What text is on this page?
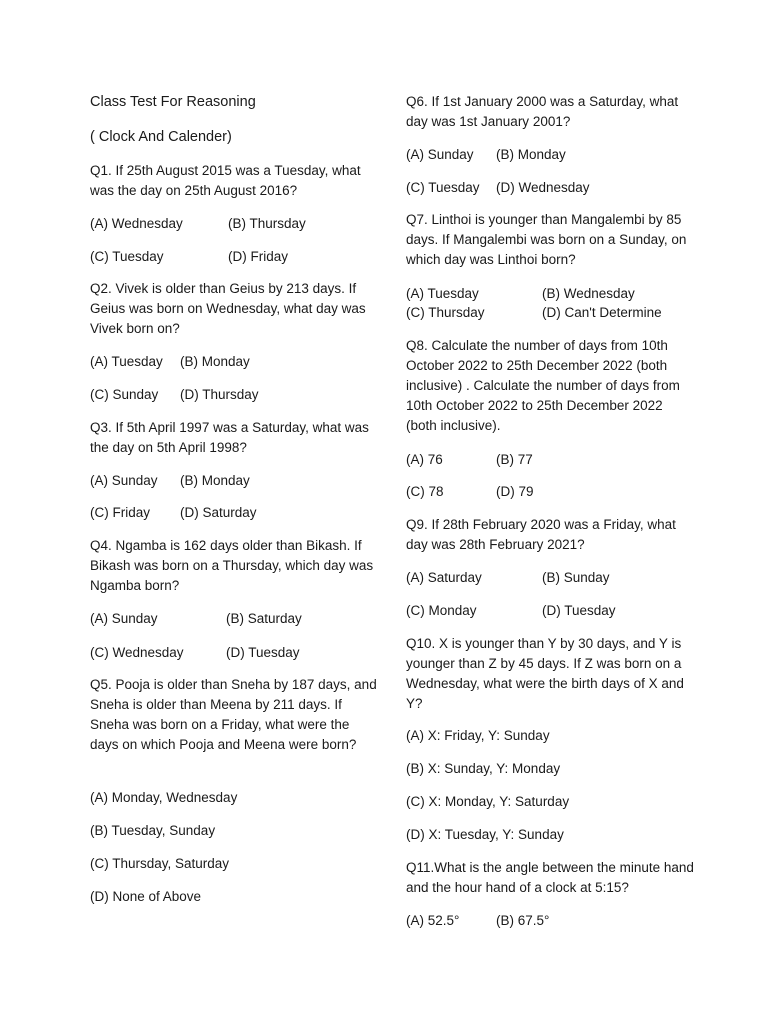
Class Test For Reasoning
( Clock And Calender)
Q1. If 25th August 2015 was a Tuesday, what was the day on 25th August 2016?
(A) Wednesday	(B) Thursday
(C) Tuesday	(D) Friday
Q2. Vivek is older than Geius by 213 days. If Geius was born on Wednesday, what day was Vivek born on?
(A) Tuesday (B) Monday
(C) Sunday (D) Thursday
Q3. If 5th April 1997 was a Saturday, what was the day on 5th April 1998?
(A) Sunday (B) Monday
(C) Friday (D) Saturday
Q4. Ngamba is 162 days older than Bikash. If Bikash was born on a Thursday, which day was Ngamba born?
(A) Sunday	(B) Saturday
(C) Wednesday	(D) Tuesday
Q5. Pooja is older than Sneha by 187 days, and Sneha is older than Meena by 211 days. If Sneha was born on a Friday, what were the days on which Pooja and Meena were born?
(A) Monday, Wednesday
(B) Tuesday, Sunday
(C) Thursday, Saturday
(D) None of Above
Q6. If 1st January 2000 was a Saturday, what day was 1st January 2001?
(A) Sunday (B) Monday
(C) Tuesday (D) Wednesday
Q7. Linthoi is younger than Mangalembi by 85 days. If Mangalembi was born on a Sunday, on which day was Linthoi born?
(A) Tuesday	(B) Wednesday
(C) Thursday	(D) Can't Determine
Q8. Calculate the number of days from 10th October 2022 to 25th December 2022 (both inclusive) . Calculate the number of days from 10th October 2022 to 25th December 2022 (both inclusive).
(A) 76	(B) 77
(C) 78	(D) 79
Q9. If 28th February 2020 was a Friday, what day was 28th February 2021?
(A) Saturday	(B) Sunday
(C) Monday	(D) Tuesday
Q10. X is younger than Y by 30 days, and Y is younger than Z by 45 days. If Z was born on a Wednesday, what were the birth days of X and Y?
(A) X: Friday, Y: Sunday
(B) X: Sunday, Y: Monday
(C) X: Monday, Y: Saturday
(D) X: Tuesday, Y: Sunday
Q11.What is the angle between the minute hand and the hour hand of a clock at 5:15?
(A) 52.5°	(B) 67.5°
